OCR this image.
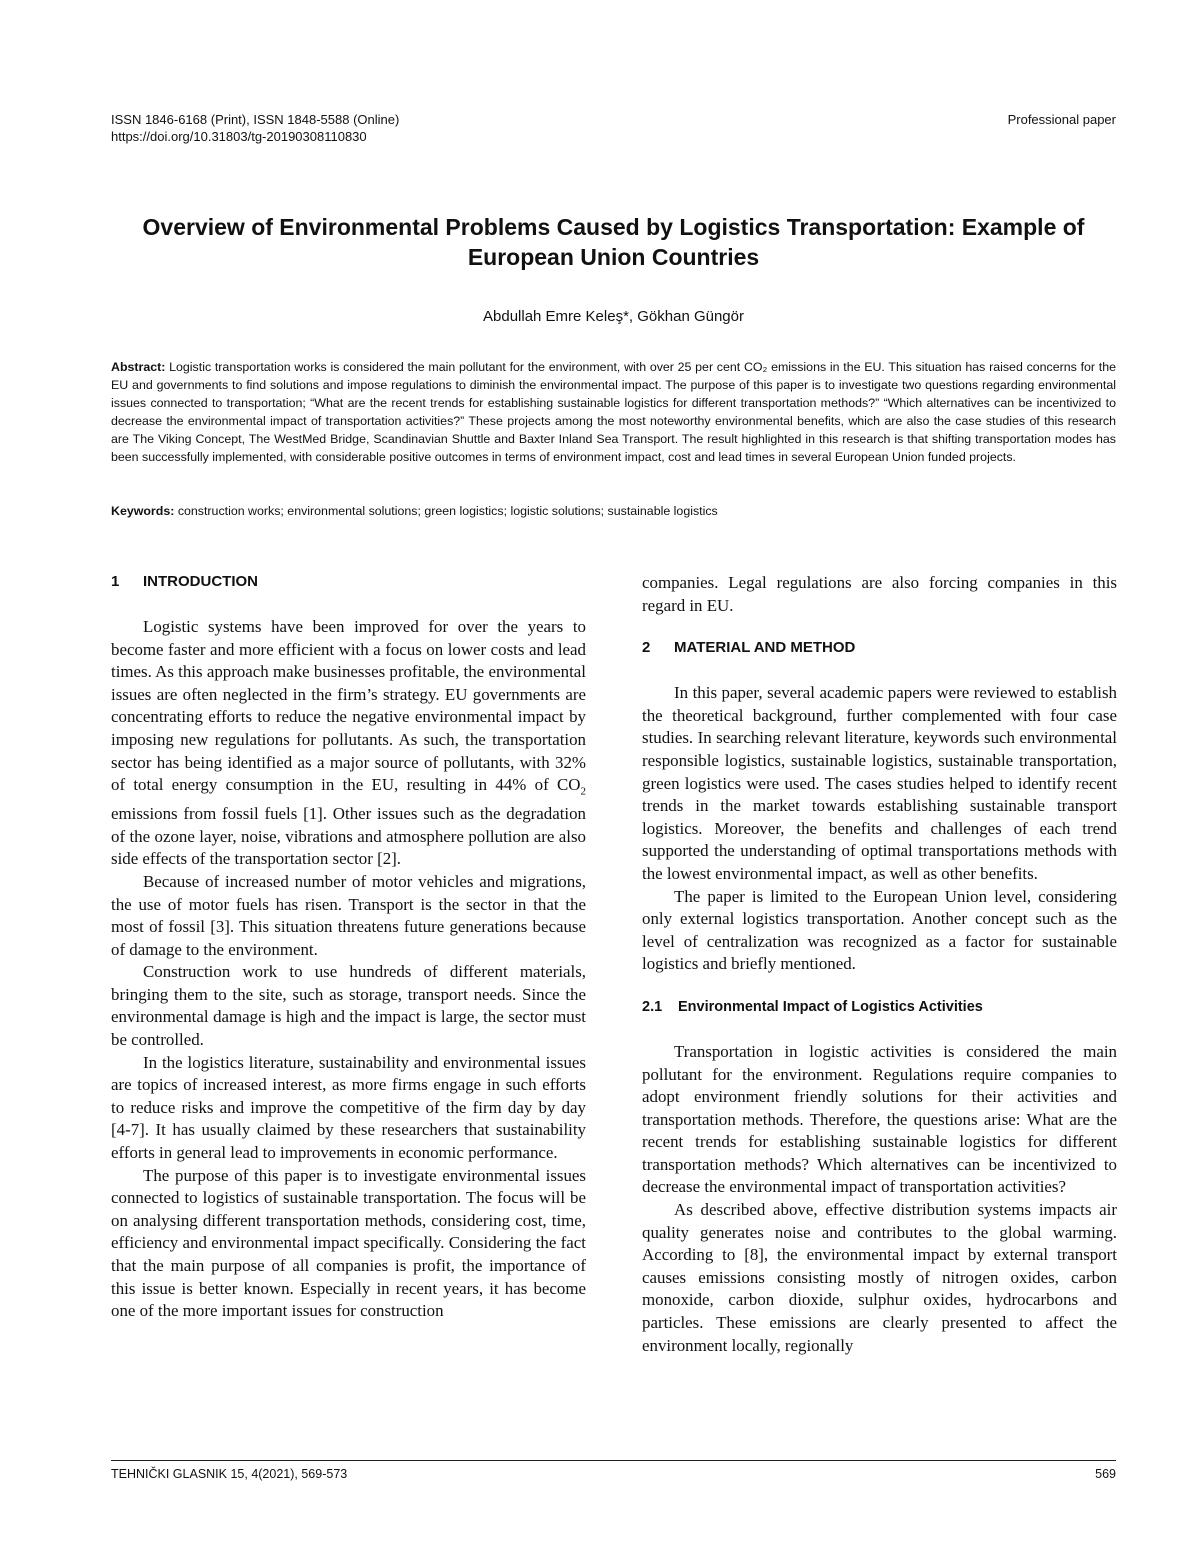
ISSN 1846-6168 (Print), ISSN 1848-5588 (Online)
https://doi.org/10.31803/tg-20190308110830
Professional paper
Overview of Environmental Problems Caused by Logistics Transportation: Example of European Union Countries
Abdullah Emre Keleş*, Gökhan Güngör
Abstract: Logistic transportation works is considered the main pollutant for the environment, with over 25 per cent CO₂ emissions in the EU. This situation has raised concerns for the EU and governments to find solutions and impose regulations to diminish the environmental impact. The purpose of this paper is to investigate two questions regarding environmental issues connected to transportation; “What are the recent trends for establishing sustainable logistics for different transportation methods?” “Which alternatives can be incentivized to decrease the environmental impact of transportation activities?” These projects among the most noteworthy environmental benefits, which are also the case studies of this research are The Viking Concept, The WestMed Bridge, Scandinavian Shuttle and Baxter Inland Sea Transport. The result highlighted in this research is that shifting transportation modes has been successfully implemented, with considerable positive outcomes in terms of environment impact, cost and lead times in several European Union funded projects.
Keywords: construction works; environmental solutions; green logistics; logistic solutions; sustainable logistics
1 INTRODUCTION

Logistic systems have been improved for over the years to become faster and more efficient with a focus on lower costs and lead times. As this approach make businesses profitable, the environmental issues are often neglected in the firm’s strategy. EU governments are concentrating efforts to reduce the negative environmental impact by imposing new regulations for pollutants. As such, the transportation sector has being identified as a major source of pollutants, with 32% of total energy consumption in the EU, resulting in 44% of $CO_2$ emissions from fossil fuels [1]. Other issues such as the degradation of the ozone layer, noise, vibrations and atmosphere pollution are also side effects of the transportation sector [2].

Because of increased number of motor vehicles and migrations, the use of motor fuels has risen. Transport is the sector in that the most of fossil [3]. This situation threatens future generations because of damage to the environment.

Construction work to use hundreds of different materials, bringing them to the site, such as storage, transport needs. Since the environmental damage is high and the impact is large, the sector must be controlled.

In the logistics literature, sustainability and environmental issues are topics of increased interest, as more firms engage in such efforts to reduce risks and improve the competitive of the firm day by day [4-7]. It has usually claimed by these researchers that sustainability efforts in general lead to improvements in economic performance.

The purpose of this paper is to investigate environmental issues connected to logistics of sustainable transportation. The focus will be on analysing different transportation methods, considering cost, time, efficiency and environmental impact specifically. Considering the fact that the main purpose of all companies is profit, the importance of this issue is better known. Especially in recent years, it has become one of the more important issues for construction

companies. Legal regulations are also forcing companies in this regard in EU.

2 MATERIAL AND METHOD

In this paper, several academic papers were reviewed to establish the theoretical background, further complemented with four case studies. In searching relevant literature, keywords such environmental responsible logistics, sustainable logistics, sustainable transportation, green logistics were used. The cases studies helped to identify recent trends in the market towards establishing sustainable transport logistics. Moreover, the benefits and challenges of each trend supported the understanding of optimal transportations methods with the lowest environmental impact, as well as other benefits.

The paper is limited to the European Union level, considering only external logistics transportation. Another concept such as the level of centralization was recognized as a factor for sustainable logistics and briefly mentioned.

2.1 Environmental Impact of Logistics Activities

Transportation in logistic activities is considered the main pollutant for the environment. Regulations require companies to adopt environment friendly solutions for their activities and transportation methods. Therefore, the questions arise: What are the recent trends for establishing sustainable logistics for different transportation methods? Which alternatives can be incentivized to decrease the environmental impact of transportation activities?

As described above, effective distribution systems impacts air quality generates noise and contributes to the global warming. According to [8], the environmental impact by external transport causes emissions consisting mostly of nitrogen oxides, carbon monoxide, carbon dioxide, sulphur oxides, hydrocarbons and particles. These emissions are clearly presented to affect the environment locally, regionally

TEHNIČKI GLASNIK 15, 4(2021), 569-573	569
